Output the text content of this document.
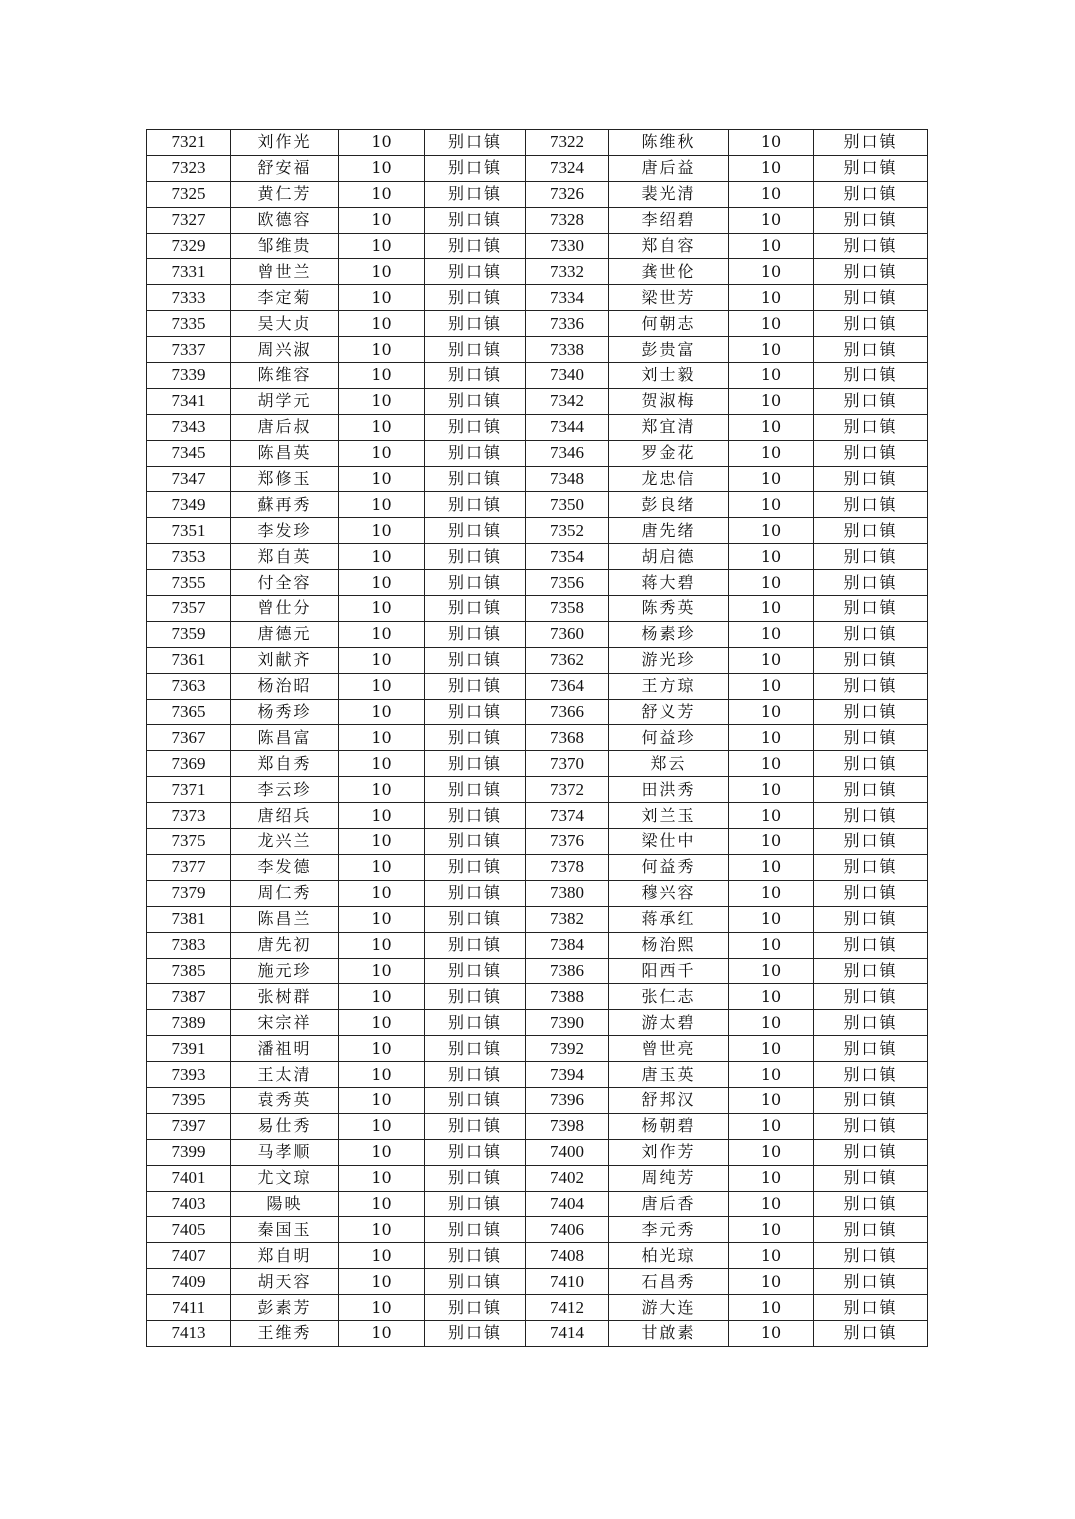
7321	刘作光	10	别口镇	7322	陈维秋	10	别口镇
7323	舒安福	10	别口镇	7324	唐后益	10	别口镇
7325	黄仁芳	10	别口镇	7326	裴光清	10	别口镇
7327	欧德容	10	别口镇	7328	李绍碧	10	别口镇
7329	邹维贵	10	别口镇	7330	郑自容	10	别口镇
7331	曾世兰	10	别口镇	7332	龚世伦	10	别口镇
7333	李定菊	10	别口镇	7334	梁世芳	10	别口镇
7335	吴大贞	10	别口镇	7336	何朝志	10	别口镇
7337	周兴淑	10	别口镇	7338	彭贵富	10	别口镇
7339	陈维容	10	别口镇	7340	刘士毅	10	别口镇
7341	胡学元	10	别口镇	7342	贺淑梅	10	别口镇
7343	唐后叔	10	别口镇	7344	郑宜清	10	别口镇
7345	陈昌英	10	别口镇	7346	罗金花	10	别口镇
7347	郑修玉	10	别口镇	7348	龙忠信	10	别口镇
7349	蘇再秀	10	别口镇	7350	彭良绪	10	别口镇
7351	李发珍	10	别口镇	7352	唐先绪	10	别口镇
7353	郑自英	10	别口镇	7354	胡启德	10	别口镇
7355	付全容	10	别口镇	7356	蒋大碧	10	别口镇
7357	曾仕分	10	别口镇	7358	陈秀英	10	别口镇
7359	唐德元	10	别口镇	7360	杨素珍	10	别口镇
7361	刘献齐	10	别口镇	7362	游光珍	10	别口镇
7363	杨治昭	10	别口镇	7364	王方琼	10	别口镇
7365	杨秀珍	10	别口镇	7366	舒义芳	10	别口镇
7367	陈昌富	10	别口镇	7368	何益珍	10	别口镇
7369	郑自秀	10	别口镇	7370	郑云	10	别口镇
7371	李云珍	10	别口镇	7372	田洪秀	10	别口镇
7373	唐绍兵	10	别口镇	7374	刘兰玉	10	别口镇
7375	龙兴兰	10	别口镇	7376	梁仕中	10	别口镇
7377	李发德	10	别口镇	7378	何益秀	10	别口镇
7379	周仁秀	10	别口镇	7380	穆兴容	10	别口镇
7381	陈昌兰	10	别口镇	7382	蒋承红	10	别口镇
7383	唐先初	10	别口镇	7384	杨治熙	10	别口镇
7385	施元珍	10	别口镇	7386	阳西千	10	别口镇
7387	张树群	10	别口镇	7388	张仁志	10	别口镇
7389	宋宗祥	10	别口镇	7390	游太碧	10	别口镇
7391	潘祖明	10	别口镇	7392	曾世亮	10	别口镇
7393	王太清	10	别口镇	7394	唐玉英	10	别口镇
7395	袁秀英	10	别口镇	7396	舒邦汉	10	别口镇
7397	易仕秀	10	别口镇	7398	杨朝碧	10	别口镇
7399	马孝顺	10	别口镇	7400	刘作芳	10	别口镇
7401	尤文琼	10	别口镇	7402	周纯芳	10	别口镇
7403	陽映	10	别口镇	7404	唐后香	10	别口镇
7405	秦国玉	10	别口镇	7406	李元秀	10	别口镇
7407	郑自明	10	别口镇	7408	柏光琼	10	别口镇
7409	胡天容	10	别口镇	7410	石昌秀	10	别口镇
7411	彭素芳	10	别口镇	7412	游大连	10	别口镇
7413	王维秀	10	别口镇	7414	甘啟素	10	别口镇
